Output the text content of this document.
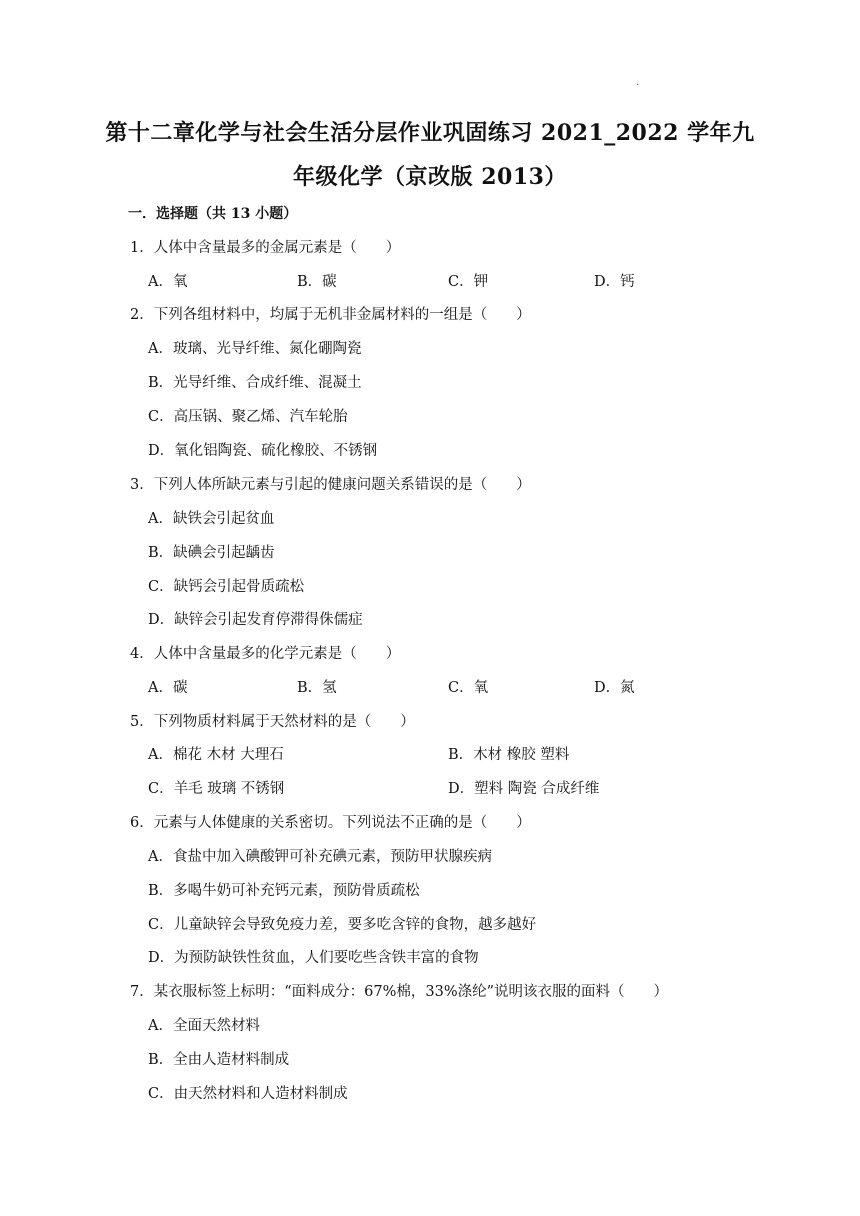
·
第十二章化学与社会生活分层作业巩固练习 2021_2022 学年九
年级化学（京改版 2013）
一．选择题（共 13 小题）
1．人体中含量最多的金属元素是（　　）
A．氧	B．碳	C．钾	D．钙
2．下列各组材料中，均属于无机非金属材料的一组是（　　）
A．玻璃、光导纤维、氮化硼陶瓷
B．光导纤维、合成纤维、混凝土
C．高压锅、聚乙烯、汽车轮胎
D．氧化铝陶瓷、硫化橡胶、不锈钢
3．下列人体所缺元素与引起的健康问题关系错误的是（　　）
A．缺铁会引起贫血
B．缺碘会引起龋齿
C．缺钙会引起骨质疏松
D．缺锌会引起发育停滞得侏儒症
4．人体中含量最多的化学元素是（　　）
A．碳	B．氢	C．氧	D．氮
5．下列物质材料属于天然材料的是（　　）
A．棉花 木材 大理石	B．木材 橡胶 塑料
C．羊毛 玻璃 不锈钢	D．塑料 陶瓷 合成纤维
6．元素与人体健康的关系密切。下列说法不正确的是（　　）
A．食盐中加入碘酸钾可补充碘元素，预防甲状腺疾病
B．多喝牛奶可补充钙元素，预防骨质疏松
C．儿童缺锌会导致免疫力差，要多吃含锌的食物，越多越好
D．为预防缺铁性贫血，人们要吃些含铁丰富的食物
7．某衣服标签上标明：“面料成分：67%棉，33%涤纶”说明该衣服的面料（　　）
A．全面天然材料
B．全由人造材料制成
C．由天然材料和人造材料制成
